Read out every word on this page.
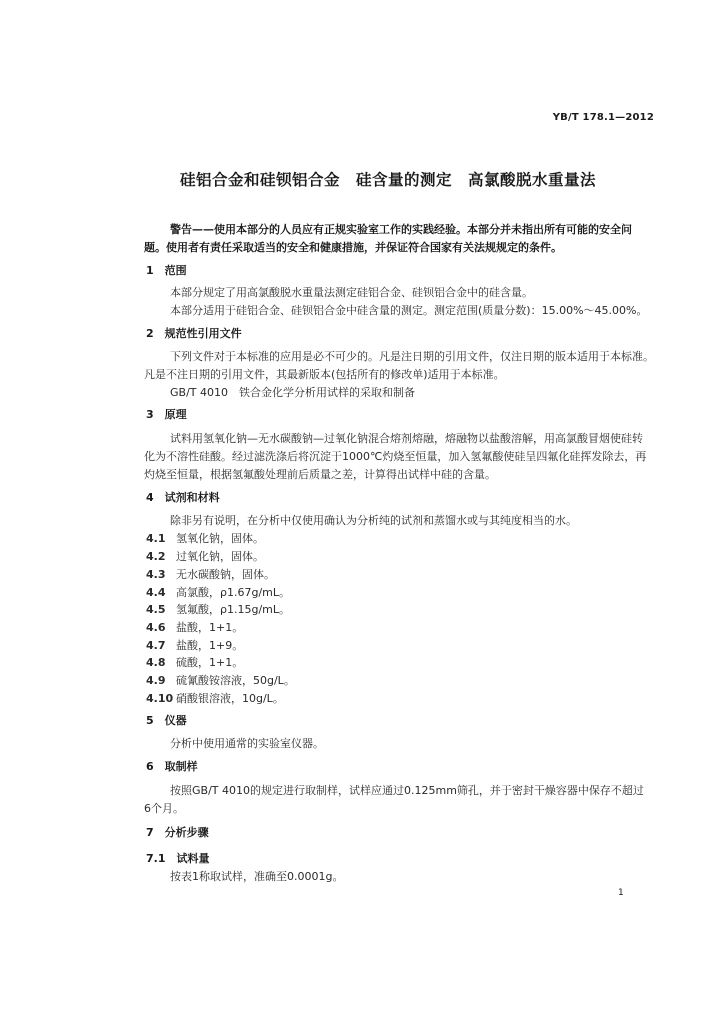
YB/T 178.1—2012
硅铝合金和硅钡铝合金　硅含量的测定　高氯酸脱水重量法
警告——使用本部分的人员应有正规实验室工作的实践经验。本部分并未指出所有可能的安全问
题。使用者有责任采取适当的安全和健康措施，并保证符合国家有关法规规定的条件。
1　范围
本部分规定了用高氯酸脱水重量法测定硅铝合金、硅钡铝合金中的硅含量。
本部分适用于硅铝合金、硅钡铝合金中硅含量的测定。测定范围(质量分数)：15.00%～45.00%。
2　规范性引用文件
下列文件对于本标准的应用是必不可少的。凡是注日期的引用文件，仅注日期的版本适用于本标准。
凡是不注日期的引用文件，其最新版本(包括所有的修改单)适用于本标准。
GB/T 4010　铁合金化学分析用试样的采取和制备
3　原理
试料用氢氧化钠—无水碳酸钠—过氧化钠混合熔剂熔融，熔融物以盐酸溶解，用高氯酸冒烟使硅转
化为不溶性硅酸。经过滤洗涤后将沉淀于1000℃灼烧至恒量，加入氢氟酸使硅呈四氟化硅挥发除去，再
灼烧至恒量，根据氢氟酸处理前后质量之差，计算得出试样中硅的含量。
4　试剂和材料
除非另有说明，在分析中仅使用确认为分析纯的试剂和蒸馏水或与其纯度相当的水。
4.1 氢氧化钠，固体。
4.2 过氧化钠，固体。
4.3 无水碳酸钠，固体。
4.4 高氯酸，ρ1.67g/mL。
4.5 氢氟酸，ρ1.15g/mL。
4.6 盐酸，1+1。
4.7 盐酸，1+9。
4.8 硫酸，1+1。
4.9 硫氰酸铵溶液，50g/L。
4.10 硝酸银溶液，10g/L。
5　仪器
分析中使用通常的实验室仪器。
6　取制样
按照GB/T 4010的规定进行取制样，试样应通过0.125mm筛孔，并于密封干燥容器中保存不超过
6个月。
7　分析步骤
7.1　试料量
按表1称取试样，准确至0.0001g。
1
